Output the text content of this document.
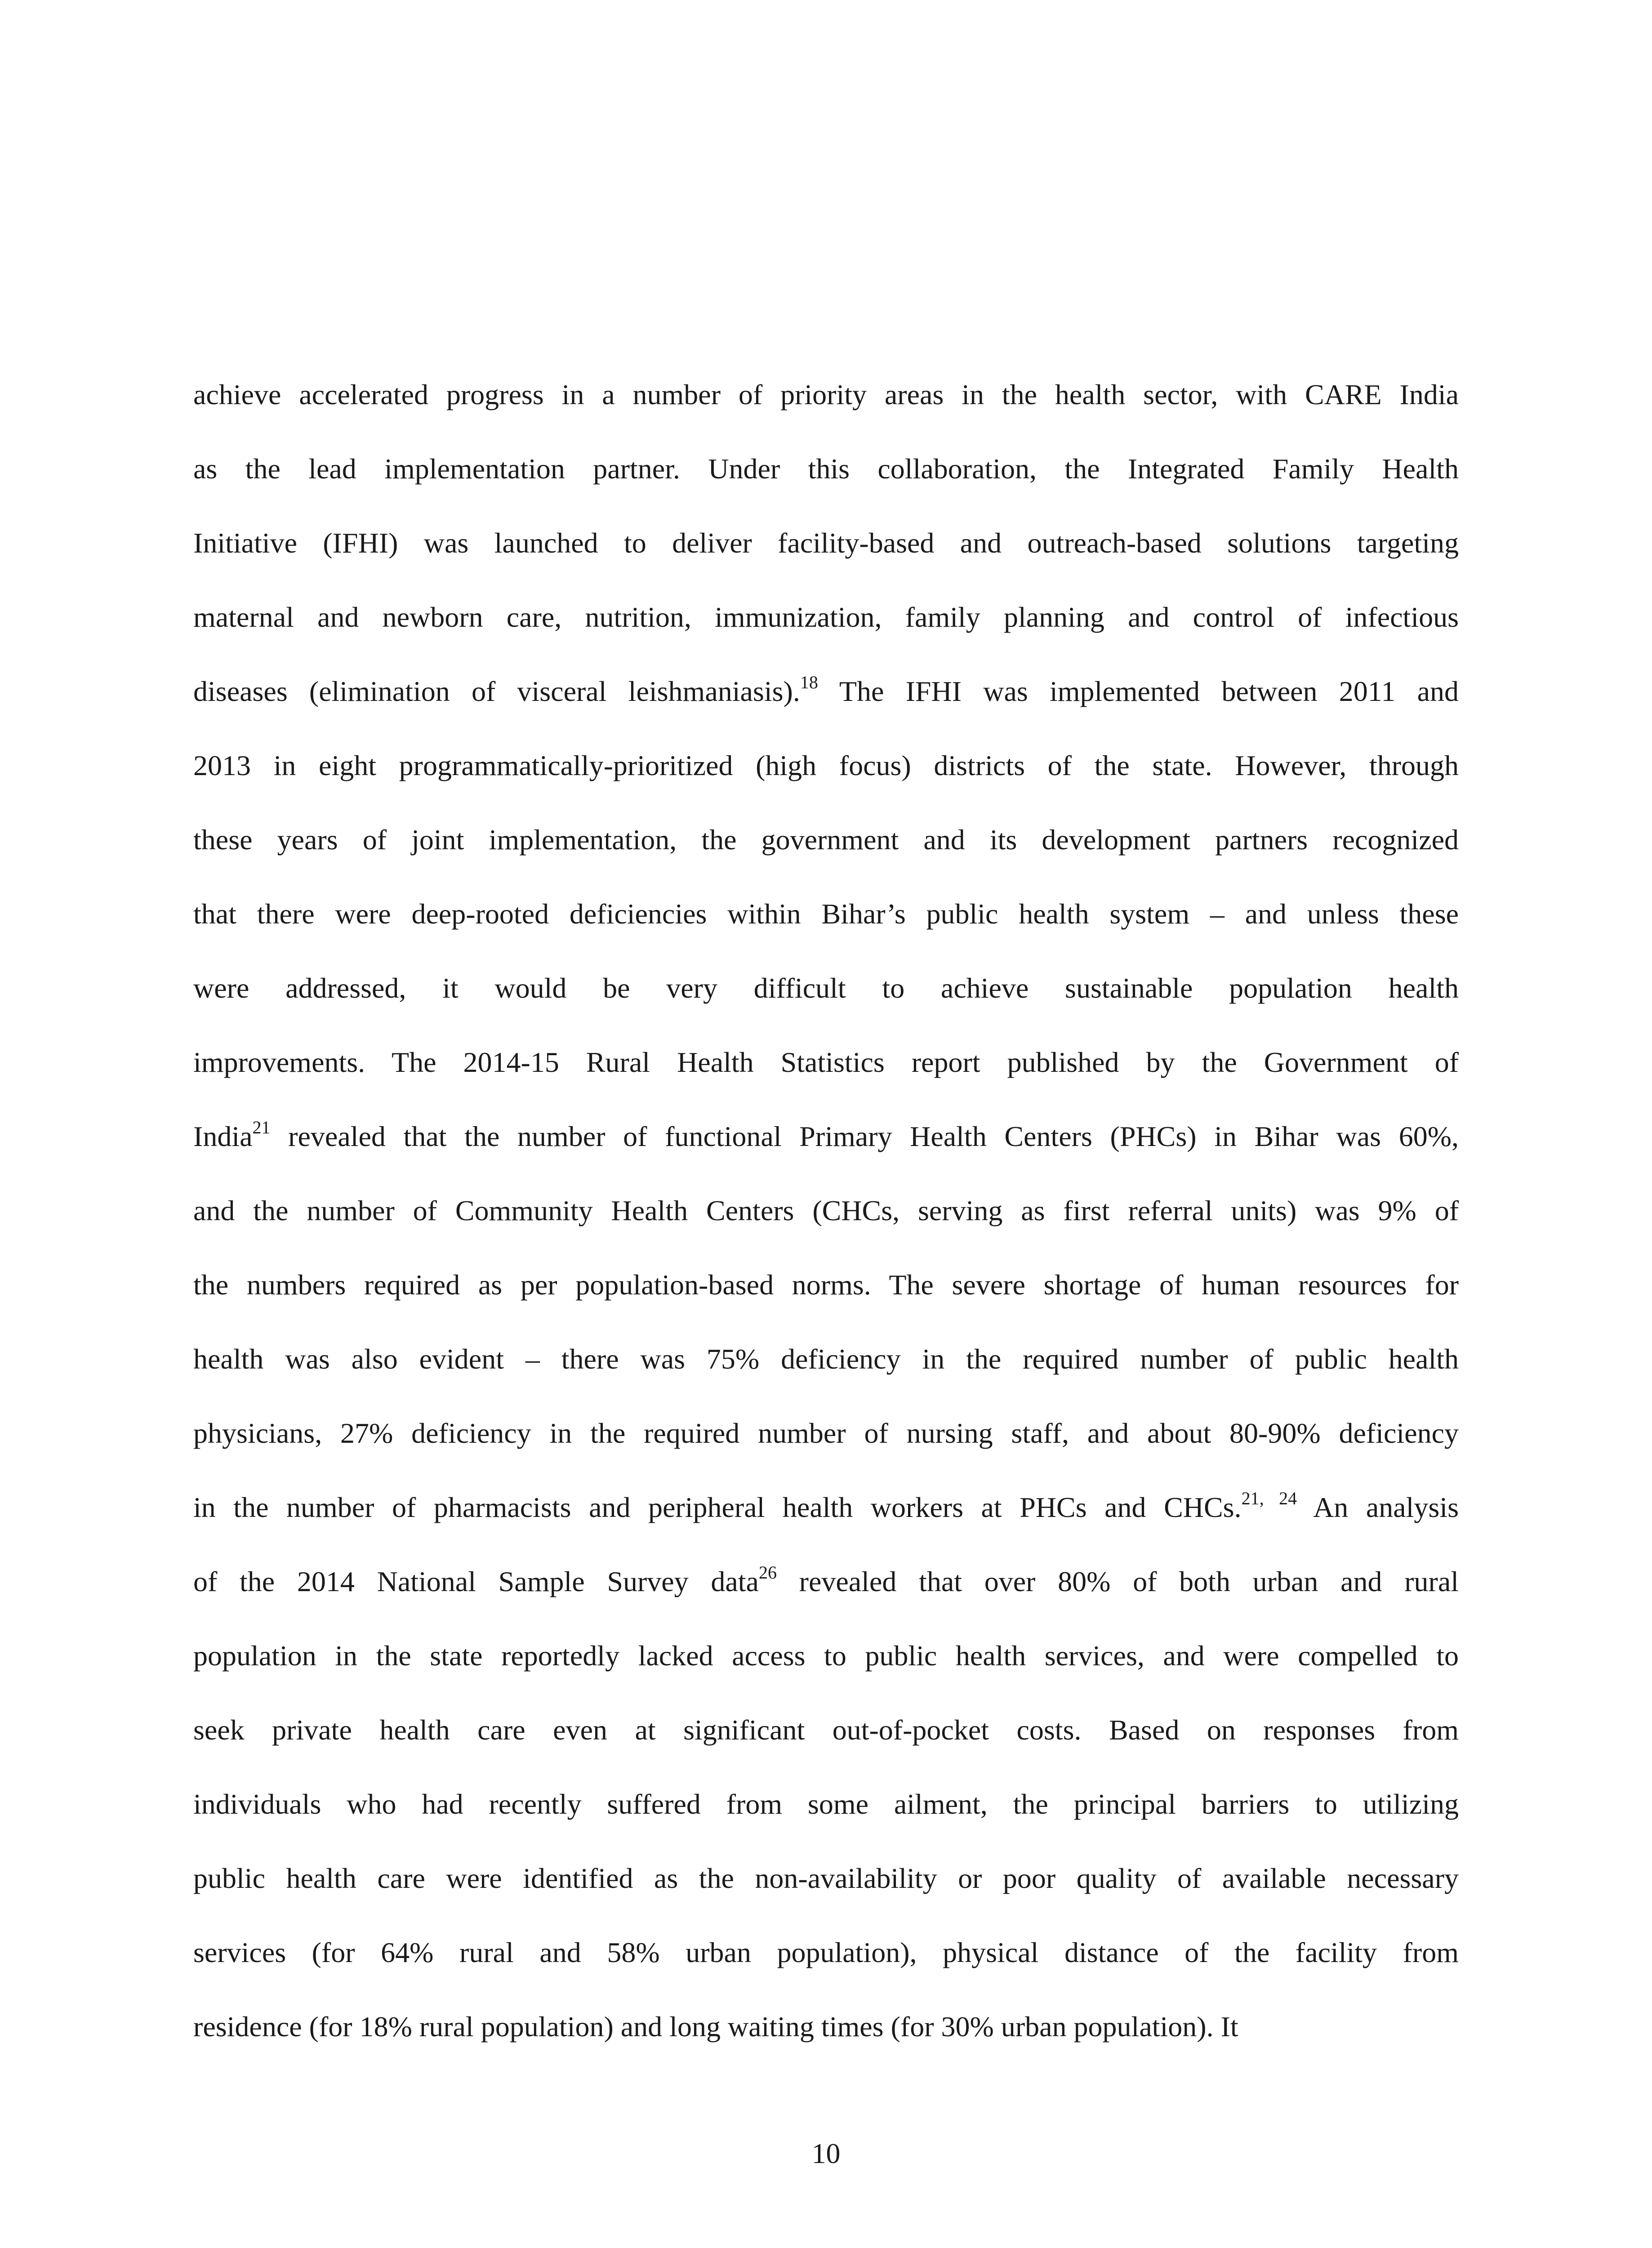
achieve accelerated progress in a number of priority areas in the health sector, with CARE India
as the lead implementation partner. Under this collaboration, the Integrated Family Health
Initiative (IFHI) was launched to deliver facility-based and outreach-based solutions targeting
maternal and newborn care, nutrition, immunization, family planning and control of infectious
diseases (elimination of visceral leishmaniasis).$^{18}$ The IFHI was implemented between 2011 and
2013 in eight programmatically-prioritized (high focus) districts of the state. However, through
these years of joint implementation, the government and its development partners recognized
that there were deep-rooted deficiencies within Bihar’s public health system – and unless these
were addressed, it would be very difficult to achieve sustainable population health
improvements. The 2014-15 Rural Health Statistics report published by the Government of
India$^{21}$ revealed that the number of functional Primary Health Centers (PHCs) in Bihar was 60%,
and the number of Community Health Centers (CHCs, serving as first referral units) was 9% of
the numbers required as per population-based norms. The severe shortage of human resources for
health was also evident – there was 75% deficiency in the required number of public health
physicians, 27% deficiency in the required number of nursing staff, and about 80-90% deficiency
in the number of pharmacists and peripheral health workers at PHCs and CHCs.$^{21, 24}$ An analysis
of the 2014 National Sample Survey data$^{26}$ revealed that over 80% of both urban and rural
population in the state reportedly lacked access to public health services, and were compelled to
seek private health care even at significant out-of-pocket costs. Based on responses from
individuals who had recently suffered from some ailment, the principal barriers to utilizing
public health care were identified as the non-availability or poor quality of available necessary
services (for 64% rural and 58% urban population), physical distance of the facility from
residence (for 18% rural population) and long waiting times (for 30% urban population). It
10
